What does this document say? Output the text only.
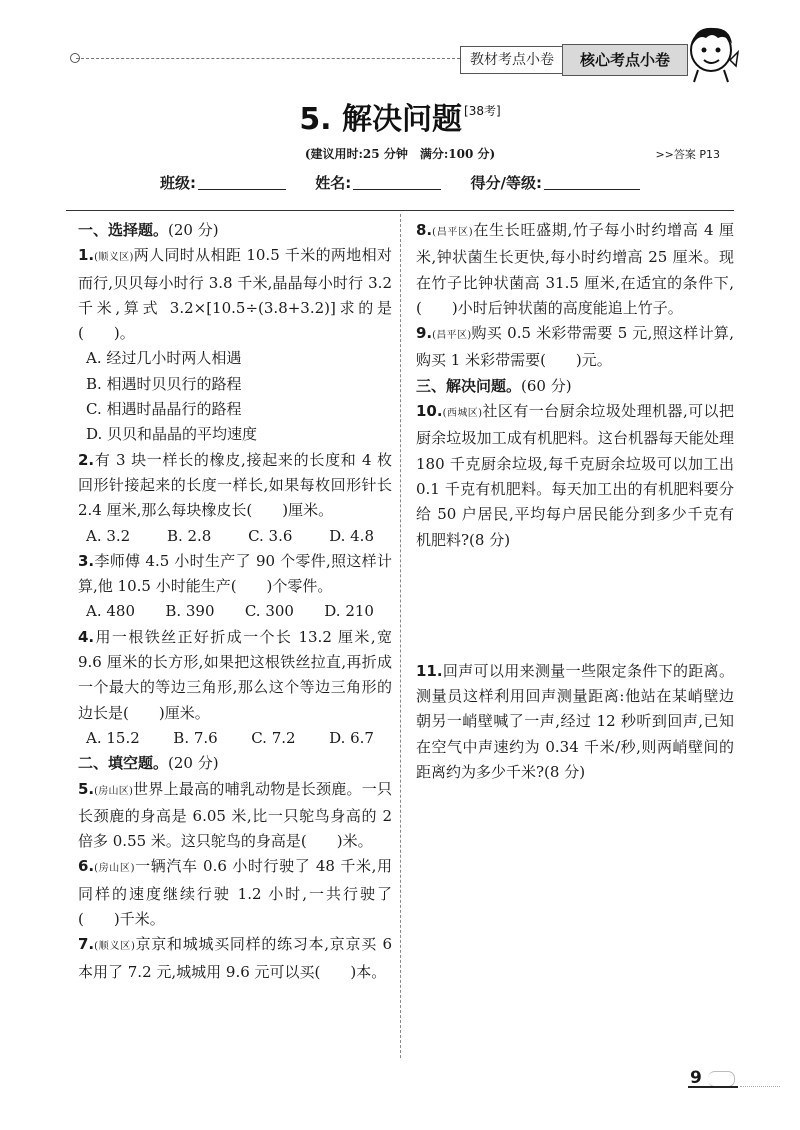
教材考点小卷	核心考点小卷
5. 解决问题 [38考]
(建议用时:25 分钟　满分:100 分)	>>答案 P13
班级:	姓名:	得分/等级:
一、选择题。(20 分)
1.(顺义区)两人同时从相距 10.5 千米的两地相对而行,贝贝每小时行 3.8 千米,晶晶每小时行 3.2 千米,算式 3.2×[10.5÷(3.8+3.2)]求的是(　　)。
A. 经过几小时两人相遇
B. 相遇时贝贝行的路程
C. 相遇时晶晶行的路程
D. 贝贝和晶晶的平均速度
2.有 3 块一样长的橡皮,接起来的长度和 4 枚回形针接起来的长度一样长,如果每枚回形针长 2.4 厘米,那么每块橡皮长(　　)厘米。
A. 3.2 B. 2.8 C. 3.6 D. 4.8
3.李师傅 4.5 小时生产了 90 个零件,照这样计算,他 10.5 小时能生产(　　)个零件。
A. 480 B. 390 C. 300 D. 210
4.用一根铁丝正好折成一个长 13.2 厘米,宽 9.6 厘米的长方形,如果把这根铁丝拉直,再折成一个最大的等边三角形,那么这个等边三角形的边长是(　　)厘米。
A. 15.2 B. 7.6 C. 7.2 D. 6.7
二、填空题。(20 分)
5.(房山区)世界上最高的哺乳动物是长颈鹿。一只长颈鹿的身高是 6.05 米,比一只鸵鸟身高的 2 倍多 0.55 米。这只鸵鸟的身高是(　　)米。
6.(房山区)一辆汽车 0.6 小时行驶了 48 千米,用同样的速度继续行驶 1.2 小时,一共行驶了(　　)千米。
7.(顺义区)京京和城城买同样的练习本,京京买 6 本用了 7.2 元,城城用 9.6 元可以买(　　)本。
8.(昌平区)在生长旺盛期,竹子每小时约增高 4 厘米,钟状菌生长更快,每小时约增高 25 厘米。现在竹子比钟状菌高 31.5 厘米,在适宜的条件下,(　　)小时后钟状菌的高度能追上竹子。
9.(昌平区)购买 0.5 米彩带需要 5 元,照这样计算,购买 1 米彩带需要(　　)元。
三、解决问题。(60 分)
10.(西城区)社区有一台厨余垃圾处理机器,可以把厨余垃圾加工成有机肥料。这台机器每天能处理 180 千克厨余垃圾,每千克厨余垃圾可以加工出 0.1 千克有机肥料。每天加工出的有机肥料要分给 50 户居民,平均每户居民能分到多少千克有机肥料?(8 分)
11.回声可以用来测量一些限定条件下的距离。测量员这样利用回声测量距离:他站在某峭壁边朝另一峭壁喊了一声,经过 12 秒听到回声,已知在空气中声速约为 0.34 千米/秒,则两峭壁间的距离约为多少千米?(8 分)
9
